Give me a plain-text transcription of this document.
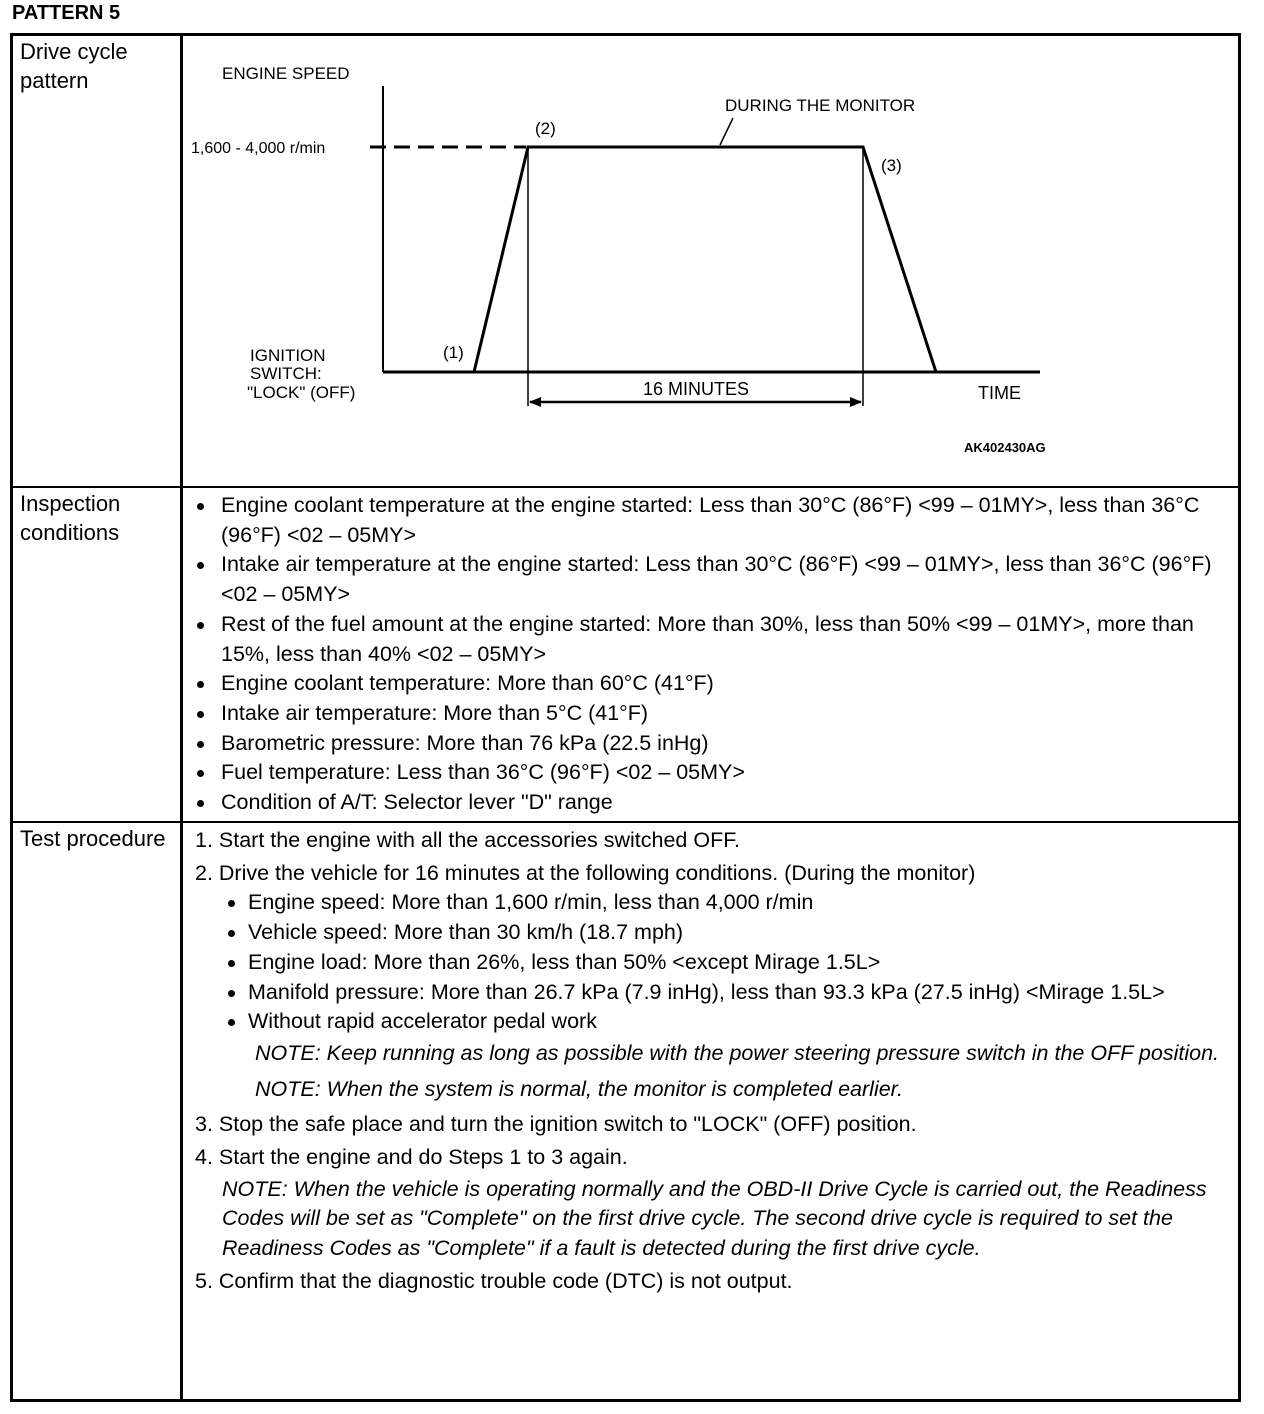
PATTERN 5
Drive cycle pattern	ENGINE SPEED
1,600 - 4,000 r/min
16 MINUTES
DURING THE MONITOR
(1)
(2)
(3)
IGNITION
SWITCH:
"LOCK" (OFF)	TIME
AK402430AG
Inspection conditions
Engine coolant temperature at the engine started: Less than 30°C (86°F) <99 – 01MY>, less than 36°C (96°F) <02 – 05MY>
Intake air temperature at the engine started: Less than 30°C (86°F) <99 – 01MY>, less than 36°C (96°F) <02 – 05MY>
Rest of the fuel amount at the engine started: More than 30%, less than 50% <99 – 01MY>, more than 15%, less than 40% <02 – 05MY>
Engine coolant temperature: More than 60°C (41°F)
Intake air temperature: More than 5°C (41°F)
Barometric pressure: More than 76 kPa (22.5 inHg)
Fuel temperature: Less than 36°C (96°F) <02 – 05MY>
Condition of A/T: Selector lever "D" range
Test procedure	1. Start the engine with all the accessories switched OFF.
2. Drive the vehicle for 16 minutes at the following conditions. (During the monitor)
Engine speed: More than 1,600 r/min, less than 4,000 r/min
Vehicle speed: More than 30 km/h (18.7 mph)
Engine load: More than 26%, less than 50% <except Mirage 1.5L>
Manifold pressure: More than 26.7 kPa (7.9 inHg), less than 93.3 kPa (27.5 inHg) <Mirage 1.5L>
Without rapid accelerator pedal work
NOTE: Keep running as long as possible with the power steering pressure switch in the OFF position.
NOTE: When the system is normal, the monitor is completed earlier.
3. Stop the safe place and turn the ignition switch to "LOCK" (OFF) position.
4. Start the engine and do Steps 1 to 3 again.
NOTE: When the vehicle is operating normally and the OBD-II Drive Cycle is carried out, the Readiness Codes will be set as "Complete" on the first drive cycle. The second drive cycle is required to set the Readiness Codes as "Complete" if a fault is detected during the first drive cycle.
5. Confirm that the diagnostic trouble code (DTC) is not output.
